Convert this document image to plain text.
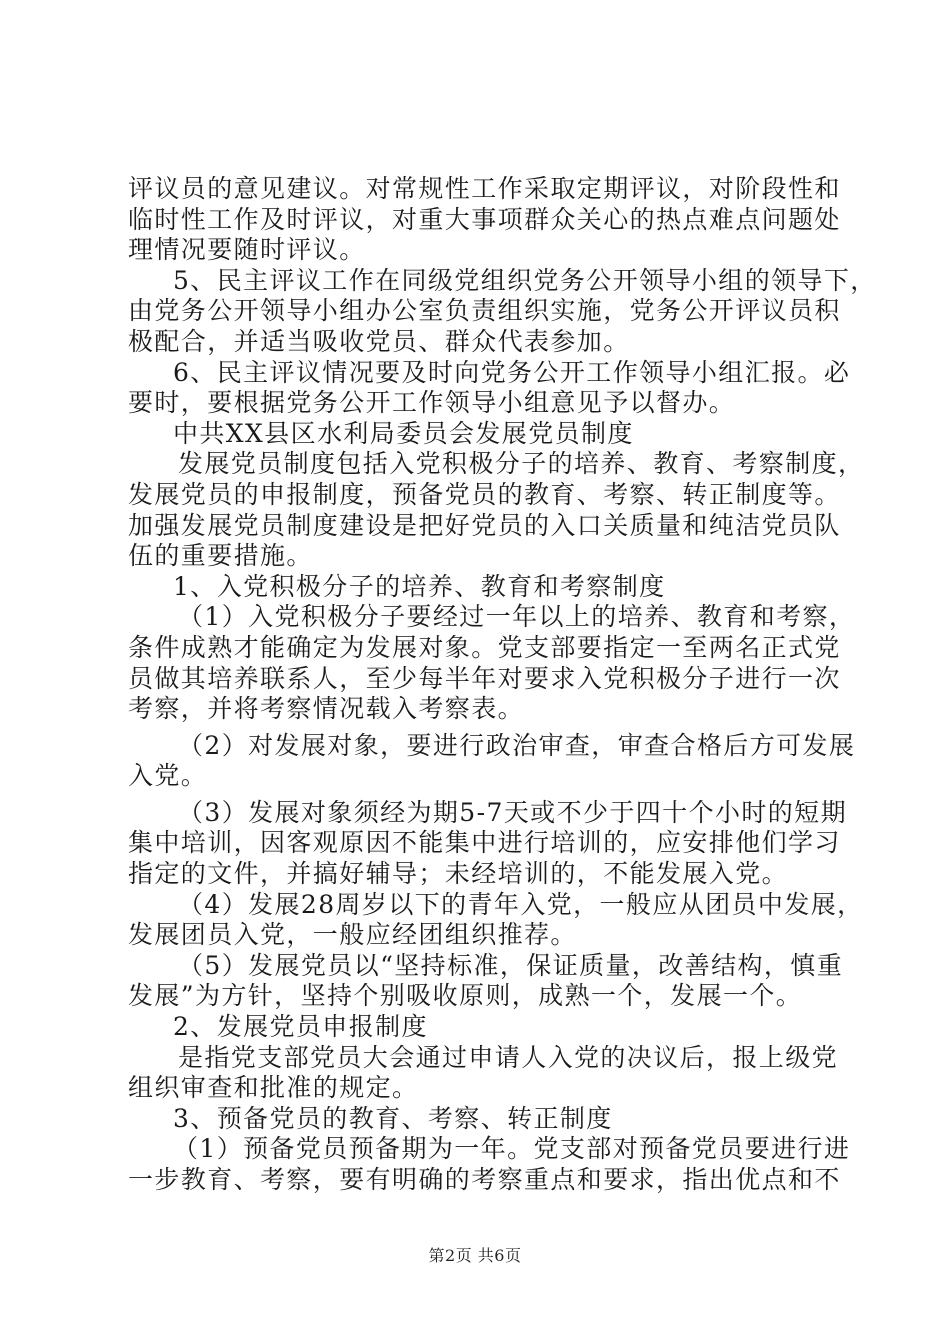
评议员的意见建议。对常规性工作采取定期评议，对阶段性和
临时性工作及时评议，对重大事项群众关心的热点难点问题处
理情况要随时评议。
5、民主评议工作在同级党组织党务公开领导小组的领导下，
由党务公开领导小组办公室负责组织实施，党务公开评议员积
极配合，并适当吸收党员、群众代表参加。
6、民主评议情况要及时向党务公开工作领导小组汇报。必
要时，要根据党务公开工作领导小组意见予以督办。
中共XX县区水利局委员会发展党员制度
发展党员制度包括入党积极分子的培养、教育、考察制度，
发展党员的申报制度，预备党员的教育、考察、转正制度等。
加强发展党员制度建设是把好党员的入口关质量和纯洁党员队
伍的重要措施。
1、入党积极分子的培养、教育和考察制度
（1）入党积极分子要经过一年以上的培养、教育和考察，
条件成熟才能确定为发展对象。党支部要指定一至两名正式党
员做其培养联系人，至少每半年对要求入党积极分子进行一次
考察，并将考察情况载入考察表。
（2）对发展对象，要进行政治审查，审查合格后方可发展
入党。
（3）发展对象须经为期5-7天或不少于四十个小时的短期
集中培训，因客观原因不能集中进行培训的，应安排他们学习
指定的文件，并搞好辅导；未经培训的，不能发展入党。
（4）发展28周岁以下的青年入党，一般应从团员中发展，
发展团员入党，一般应经团组织推荐。
（5）发展党员以“坚持标准，保证质量，改善结构，慎重
发展”为方针，坚持个别吸收原则，成熟一个，发展一个。
2、发展党员申报制度
是指党支部党员大会通过申请人入党的决议后，报上级党
组织审查和批准的规定。
3、预备党员的教育、考察、转正制度
（1）预备党员预备期为一年。党支部对预备党员要进行进
一步教育、考察，要有明确的考察重点和要求，指出优点和不
第2页 共6页
